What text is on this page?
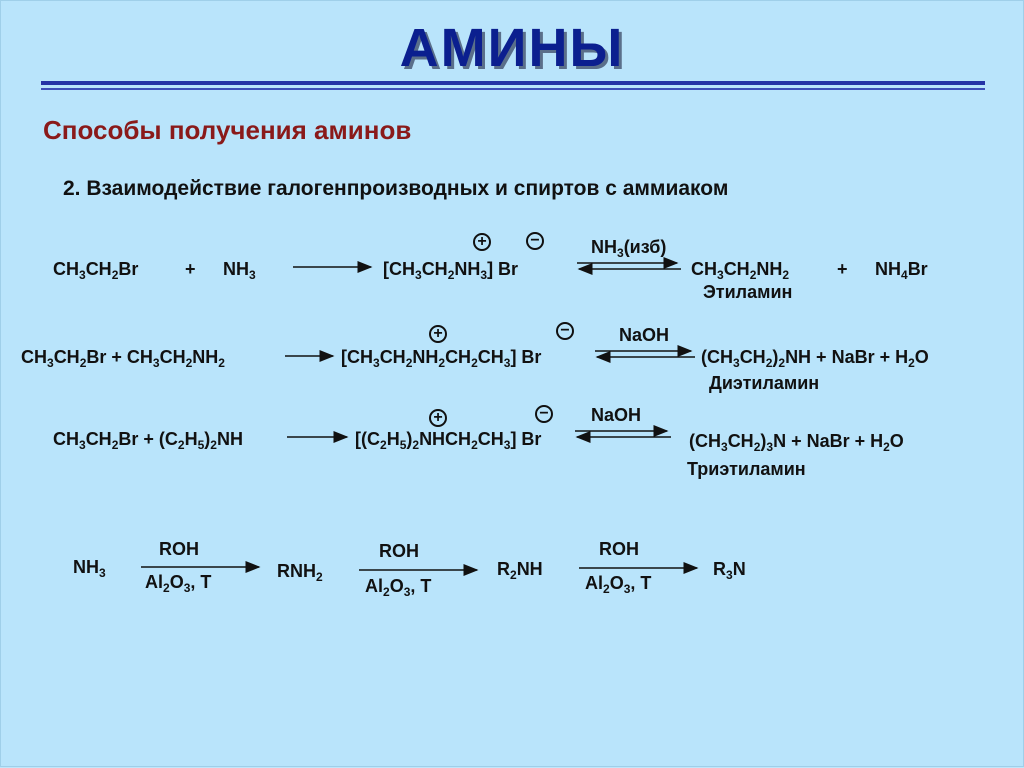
АМИНЫ
Способы получения аминов
2. Взаимодействие галогенпроизводных и спиртов с аммиаком
$CH_3CH_2Br$	+ $NH_3$	$[CH_3CH_2NH_3]$ Br
+	−	$NH_3(изб)$
$CH_3CH_2NH_2$	+ $NH_4Br$
Этиламин
$CH_3CH_2Br + CH_3CH_2NH_2$	$[CH_3CH_2NH_2CH_2CH_3]$ Br
+	−	NaOH
$(CH_3CH_2)_2NH$ + NaBr + $H_2O$
Диэтиламин
$CH_3CH_2Br + (C_2H_5)_2NH$	$[(C_2H_5)_2NHCH_2CH_3]$ Br
+	− NaOH
$(CH_3CH_2)_3N$ + NaBr + $H_2O$
Триэтиламин
$NH_3$
ROH
$Al_2O_3$, T
$RNH_2$
ROH
$Al_2O_3$, T
$R_2NH$
ROH
$Al_2O_3$, T
$R_3N$
